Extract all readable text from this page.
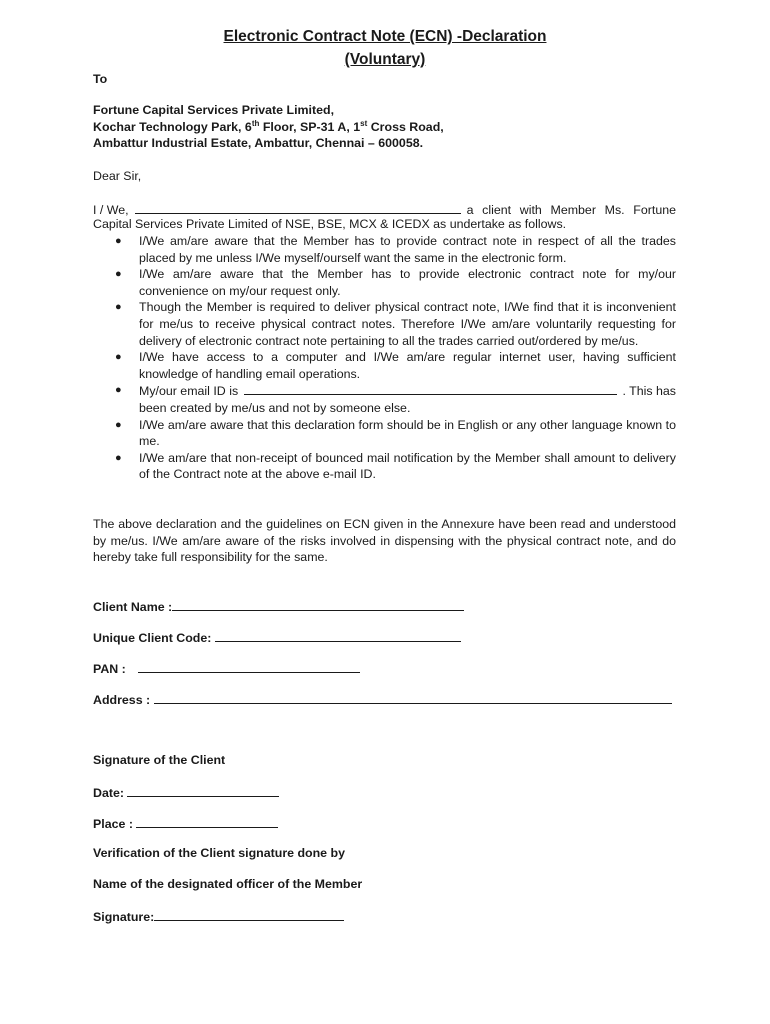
Electronic Contract Note (ECN) -Declaration
(Voluntary)
To
Fortune Capital Services Private Limited,
Kochar Technology Park, 6th Floor, SP-31 A, 1st Cross Road,
Ambattur Industrial Estate, Ambattur, Chennai – 600058.
Dear Sir,
I / We,	a client with Member Ms. Fortune
Capital Services Private Limited of NSE, BSE, MCX & ICEDX as undertake as follows.
● I/We am/are aware that the Member has to provide contract note in respect of all the trades placed by me unless I/We myself/ourself want the same in the electronic form.
● I/We am/are aware that the Member has to provide electronic contract note for my/our convenience on my/our request only.
● Though the Member is required to deliver physical contract note, I/We find that it is inconvenient for me/us to receive physical contract notes. Therefore I/We am/are voluntarily requesting for delivery of electronic contract note pertaining to all the trades carried out/ordered by me/us.
● I/We have access to a computer and I/We am/are regular internet user, having sufficient knowledge of handling email operations.
● My/our email ID is	. This has
been created by me/us and not by someone else.
● I/We am/are aware that this declaration form should be in English or any other language known to me.
● I/We am/are that non-receipt of bounced mail notification by the Member shall amount to delivery of the Contract note at the above e-mail ID.
The above declaration and the guidelines on ECN given in the Annexure have been read and understood by me/us. I/We am/are aware of the risks involved in dispensing with the physical contract note, and do hereby take full responsibility for the same.
Client Name :
Unique Client Code:
PAN :
Address :
Signature of the Client
Date:
Place :
Verification of the Client signature done by
Name of the designated officer of the Member
Signature:
